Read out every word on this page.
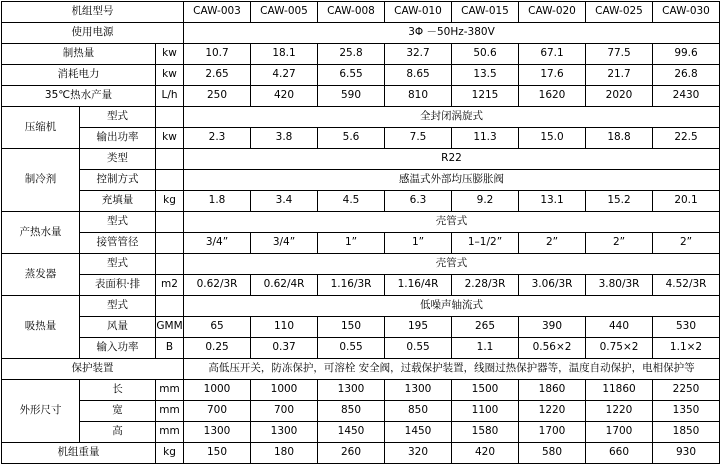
机组型号			CAW-003	CAW-005	CAW-008	CAW-010	CAW-015	CAW-020	CAW-025	CAW-030
使用电源			3Φ －50Hz-380V							
制热量		kw	10.7	18.1	25.8	32.7	50.6	67.1	77.5	99.6
消耗电力		kw	2.65	4.27	6.55	8.65	13.5	17.6	21.7	26.8
35℃热水产量		L/h	250	420	590	810	1215	1620	2020	2430
压缩机	型式		全封闭涡旋式							
	输出功率	kw	2.3	3.8	5.6	7.5	11.3	15.0	18.8	22.5
制冷剂	类型		R22							
	控制方式		感温式外部均压膨胀阀							
	充填量	kg	1.8	3.4	4.5	6.3	9.2	13.1	15.2	20.1
产热水量	型式		壳管式							
	接管管径		3/4”	3/4”	1”	1”	1–1/2”	2”	2”	2”
蒸发器	型式		壳管式							
	表面积·排	m2	0.62/3R	0.62/4R	1.16/3R	1.16/4R	2.28/3R	3.06/3R	3.80/3R	4.52/3R
吸热量	型式		低噪声轴流式							
	风量	GMM	65	110	150	195	265	390	440	530
	输入功率	B	0.25	0.37	0.55	0.55	1.1	0.56×2	0.75×2	1.1×2
保护装置			高低压开关，防冻保护，可溶栓 安全阀，过载保护装置，线圈过热保护器等，温度自动保护，电相保护等							
外形尺寸	长	mm	1000	1000	1300	1300	1500	1860	11860	2250
	宽	mm	700	700	850	850	1100	1220	1220	1350
	高	mm	1300	1300	1450	1450	1580	1700	1700	1850
机组重量		kg	150	180	260	320	420	580	660	930
